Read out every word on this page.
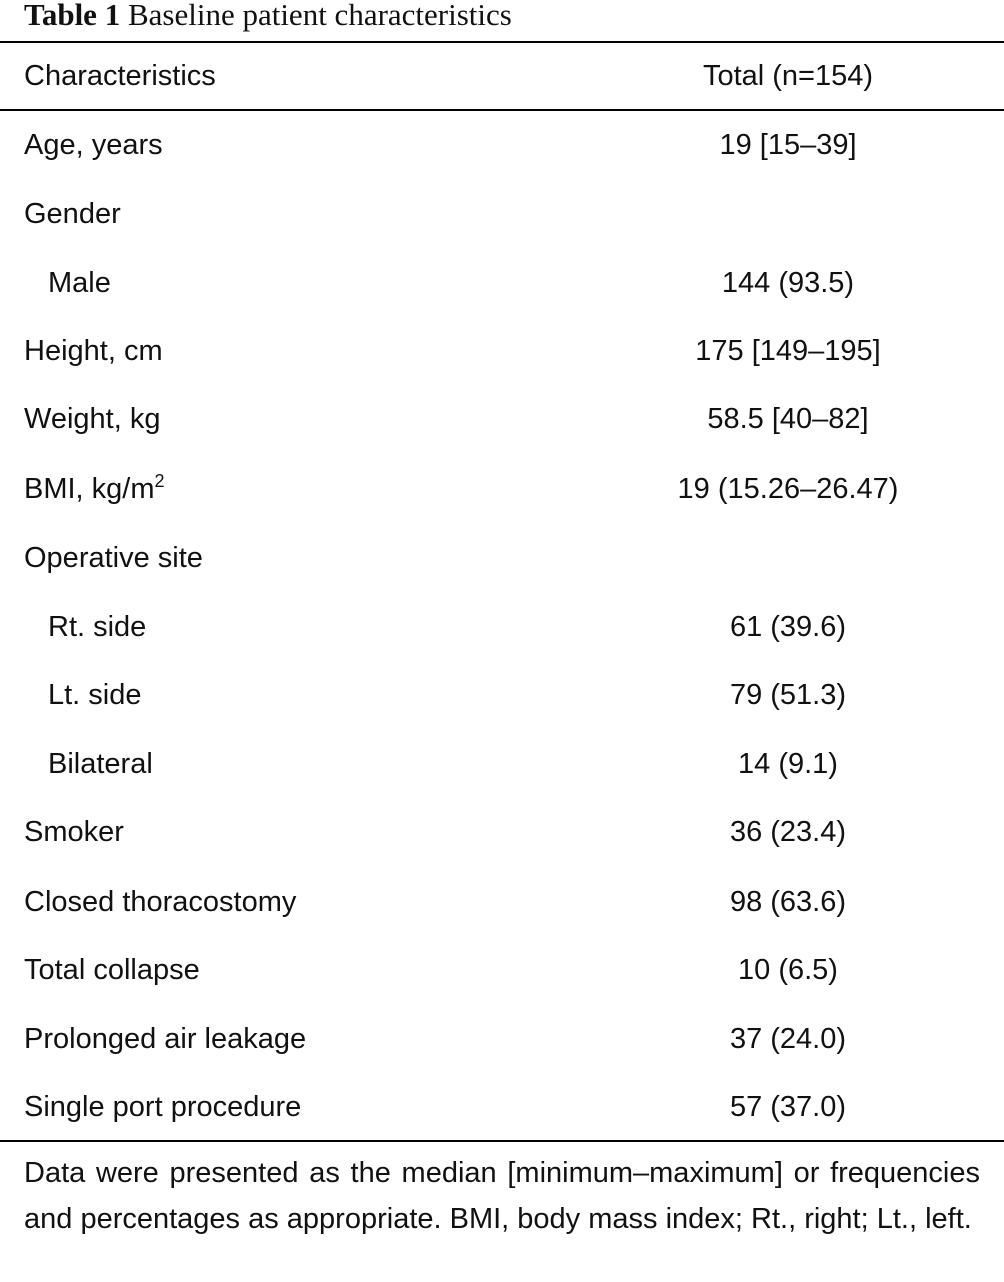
Table 1 Baseline patient characteristics
Characteristics	Total (n=154)
Age, years	19 [15–39]
Gender
Male	144 (93.5)
Height, cm	175 [149–195]
Weight, kg	58.5 [40–82]
BMI, $kg/m^2$	19 (15.26–26.47)
Operative site
Rt. side	61 (39.6)
Lt. side	79 (51.3)
Bilateral	14 (9.1)
Smoker	36 (23.4)
Closed thoracostomy	98 (63.6)
Total collapse	10 (6.5)
Prolonged air leakage	37 (24.0)
Single port procedure	57 (37.0)
Data were presented as the median [minimum–maximum] or frequencies and percentages as appropriate. BMI, body mass index; Rt., right; Lt., left.
